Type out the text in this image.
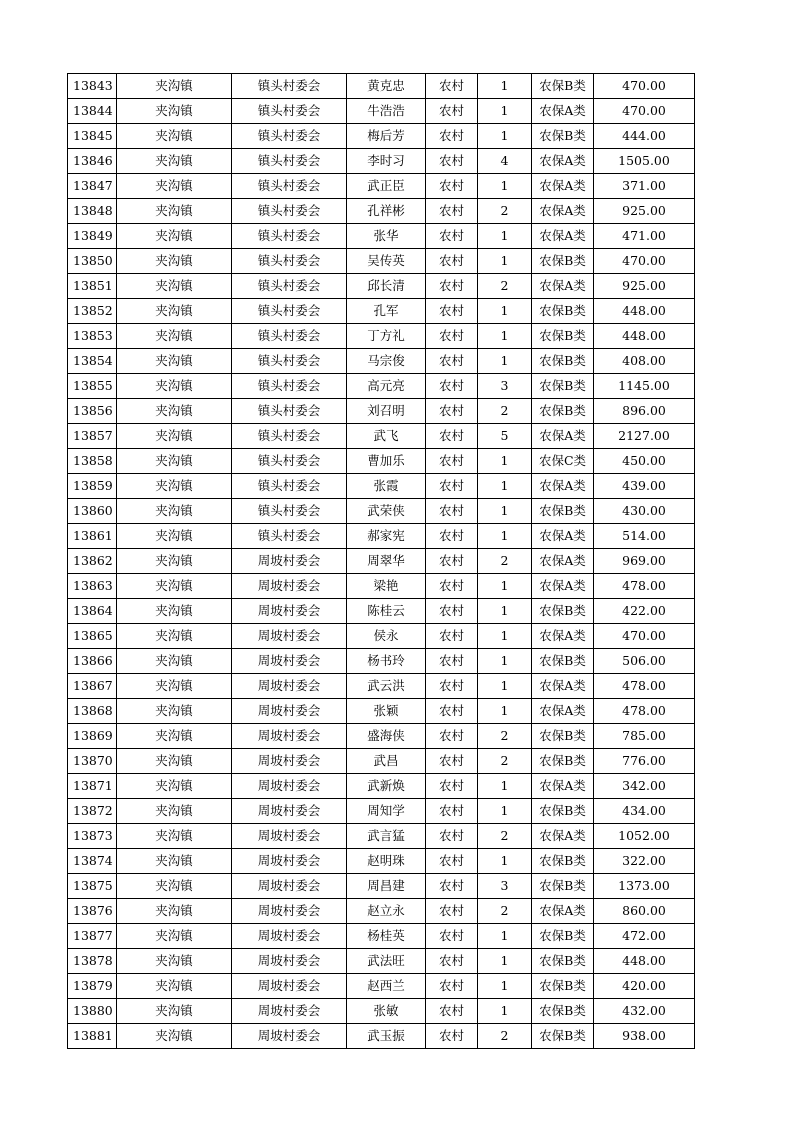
13843	夹沟镇	镇头村委会	黄克忠	农村	1	农保B类	470.00
13844	夹沟镇	镇头村委会	牛浩浩	农村	1	农保A类	470.00
13845	夹沟镇	镇头村委会	梅后芳	农村	1	农保B类	444.00
13846	夹沟镇	镇头村委会	李时习	农村	4	农保A类	1505.00
13847	夹沟镇	镇头村委会	武正臣	农村	1	农保A类	371.00
13848	夹沟镇	镇头村委会	孔祥彬	农村	2	农保A类	925.00
13849	夹沟镇	镇头村委会	张华	农村	1	农保A类	471.00
13850	夹沟镇	镇头村委会	吴传英	农村	1	农保B类	470.00
13851	夹沟镇	镇头村委会	邱长清	农村	2	农保A类	925.00
13852	夹沟镇	镇头村委会	孔军	农村	1	农保B类	448.00
13853	夹沟镇	镇头村委会	丁方礼	农村	1	农保B类	448.00
13854	夹沟镇	镇头村委会	马宗俊	农村	1	农保B类	408.00
13855	夹沟镇	镇头村委会	高元亮	农村	3	农保B类	1145.00
13856	夹沟镇	镇头村委会	刘召明	农村	2	农保B类	896.00
13857	夹沟镇	镇头村委会	武飞	农村	5	农保A类	2127.00
13858	夹沟镇	镇头村委会	曹加乐	农村	1	农保C类	450.00
13859	夹沟镇	镇头村委会	张霞	农村	1	农保A类	439.00
13860	夹沟镇	镇头村委会	武荣侠	农村	1	农保B类	430.00
13861	夹沟镇	镇头村委会	郝家宪	农村	1	农保A类	514.00
13862	夹沟镇	周坡村委会	周翠华	农村	2	农保A类	969.00
13863	夹沟镇	周坡村委会	梁艳	农村	1	农保A类	478.00
13864	夹沟镇	周坡村委会	陈桂云	农村	1	农保B类	422.00
13865	夹沟镇	周坡村委会	侯永	农村	1	农保A类	470.00
13866	夹沟镇	周坡村委会	杨书玲	农村	1	农保B类	506.00
13867	夹沟镇	周坡村委会	武云洪	农村	1	农保A类	478.00
13868	夹沟镇	周坡村委会	张颖	农村	1	农保A类	478.00
13869	夹沟镇	周坡村委会	盛海侠	农村	2	农保B类	785.00
13870	夹沟镇	周坡村委会	武昌	农村	2	农保B类	776.00
13871	夹沟镇	周坡村委会	武新焕	农村	1	农保A类	342.00
13872	夹沟镇	周坡村委会	周知学	农村	1	农保B类	434.00
13873	夹沟镇	周坡村委会	武言猛	农村	2	农保A类	1052.00
13874	夹沟镇	周坡村委会	赵明珠	农村	1	农保B类	322.00
13875	夹沟镇	周坡村委会	周昌建	农村	3	农保B类	1373.00
13876	夹沟镇	周坡村委会	赵立永	农村	2	农保A类	860.00
13877	夹沟镇	周坡村委会	杨桂英	农村	1	农保B类	472.00
13878	夹沟镇	周坡村委会	武法旺	农村	1	农保B类	448.00
13879	夹沟镇	周坡村委会	赵西兰	农村	1	农保B类	420.00
13880	夹沟镇	周坡村委会	张敏	农村	1	农保B类	432.00
13881	夹沟镇	周坡村委会	武玉振	农村	2	农保B类	938.00
